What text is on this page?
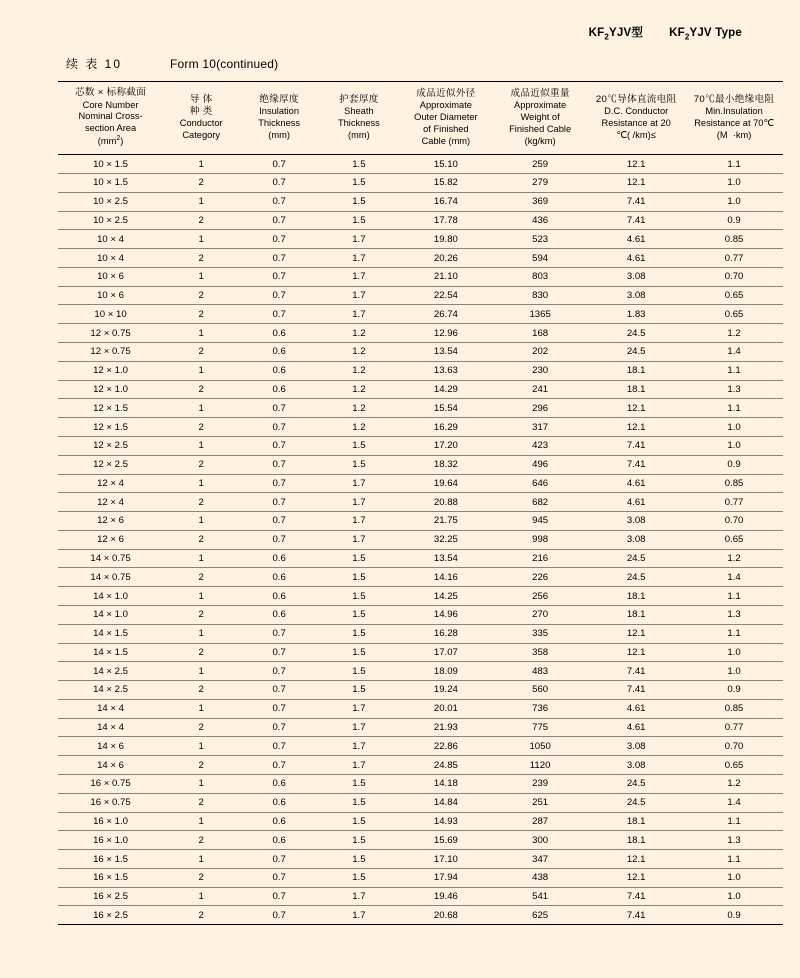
$KF_2YJV$型 $KF_2YJV$ Type
续 表 10	Form 10(continued)
芯数 × 标称截面
Core Number
Nominal Cross-
section Area
$(mm^2)$	导 体
种 类
Conductor
Category	绝缘厚度
Insulation
Thickness
(mm)	护套厚度
Sheath
Thickness
(mm)	成品近似外径
Approximate
Outer Diameter
of Finished
Cable (mm)	成品近似重量
Approximate
Weight of
Finished Cable
(kg/km)	20℃导体直流电阻
D.C. Conductor
Resistance at 20
℃( /km)≤	70℃最小绝缘电阻
Min.Insulation
Resistance at 70℃
(M  ·km)

10 × 1.5	1	0.7	1.5	15.10	259	12.1	1.1
10 × 1.5	2	0.7	1.5	15.82	279	12.1	1.0
10 × 2.5	1	0.7	1.5	16.74	369	7.41	1.0
10 × 2.5	2	0.7	1.5	17.78	436	7.41	0.9
10 × 4	1	0.7	1.7	19.80	523	4.61	0.85
10 × 4	2	0.7	1.7	20.26	594	4.61	0.77
10 × 6	1	0.7	1.7	21.10	803	3.08	0.70
10 × 6	2	0.7	1.7	22.54	830	3.08	0.65
10 × 10	2	0.7	1.7	26.74	1365	1.83	0.65
12 × 0.75	1	0.6	1.2	12.96	168	24.5	1.2
12 × 0.75	2	0.6	1.2	13.54	202	24.5	1.4
12 × 1.0	1	0.6	1.2	13.63	230	18.1	1.1
12 × 1.0	2	0.6	1.2	14.29	241	18.1	1.3
12 × 1.5	1	0.7	1.2	15.54	296	12.1	1.1
12 × 1.5	2	0.7	1.2	16.29	317	12.1	1.0
12 × 2.5	1	0.7	1.5	17.20	423	7.41	1.0
12 × 2.5	2	0.7	1.5	18.32	496	7.41	0.9
12 × 4	1	0.7	1.7	19.64	646	4.61	0.85
12 × 4	2	0.7	1.7	20.88	682	4.61	0.77
12 × 6	1	0.7	1.7	21.75	945	3.08	0.70
12 × 6	2	0.7	1.7	32.25	998	3.08	0.65
14 × 0.75	1	0.6	1.5	13.54	216	24.5	1.2
14 × 0.75	2	0.6	1.5	14.16	226	24.5	1.4
14 × 1.0	1	0.6	1.5	14.25	256	18.1	1.1
14 × 1.0	2	0.6	1.5	14.96	270	18.1	1.3
14 × 1.5	1	0.7	1.5	16.28	335	12.1	1.1
14 × 1.5	2	0.7	1.5	17.07	358	12.1	1.0
14 × 2.5	1	0.7	1.5	18.09	483	7.41	1.0
14 × 2.5	2	0.7	1.5	19.24	560	7.41	0.9
14 × 4	1	0.7	1.7	20.01	736	4.61	0.85
14 × 4	2	0.7	1.7	21.93	775	4.61	0.77
14 × 6	1	0.7	1.7	22.86	1050	3.08	0.70
14 × 6	2	0.7	1.7	24.85	1120	3.08	0.65
16 × 0.75	1	0.6	1.5	14.18	239	24.5	1.2
16 × 0.75	2	0.6	1.5	14.84	251	24.5	1.4
16 × 1.0	1	0.6	1.5	14.93	287	18.1	1.1
16 × 1.0	2	0.6	1.5	15.69	300	18.1	1.3
16 × 1.5	1	0.7	1.5	17.10	347	12.1	1.1
16 × 1.5	2	0.7	1.5	17.94	438	12.1	1.0
16 × 2.5	1	0.7	1.7	19.46	541	7.41	1.0
16 × 2.5	2	0.7	1.7	20.68	625	7.41	0.9
